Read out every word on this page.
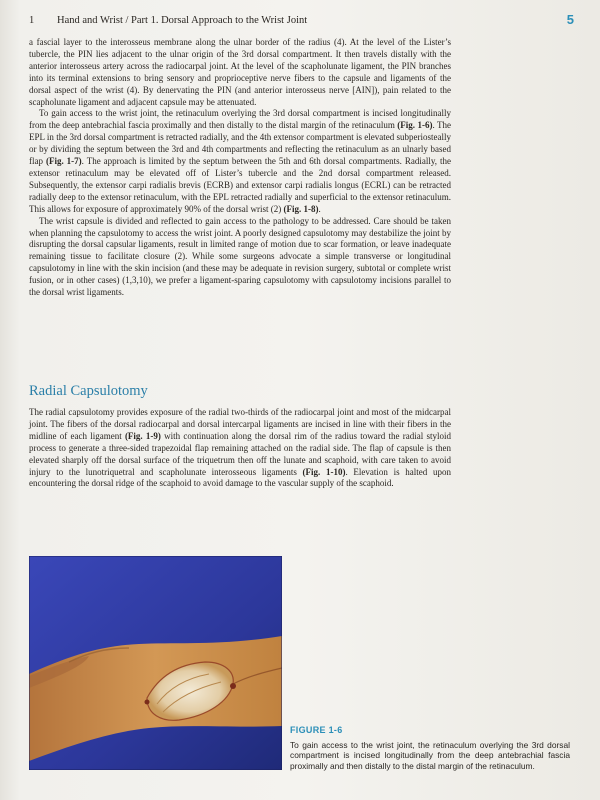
1 Hand and Wrist / Part 1. Dorsal Approach to the Wrist Joint	5

a fascial layer to the interosseus membrane along the ulnar border of the radius (4). At the level of the Lister’s tubercle, the PIN lies adjacent to the ulnar origin of the 3rd dorsal compartment. It then travels distally with the anterior interosseus artery across the radiocarpal joint. At the level of the scapholunate ligament, the PIN branches into its terminal extensions to bring sensory and proprioceptive nerve fibers to the capsule and ligaments of the dorsal aspect of the wrist (4). By denervating the PIN (and anterior interosseus nerve [AIN]), pain related to the scapholunate ligament and adjacent capsule may be attenuated.

To gain access to the wrist joint, the retinaculum overlying the 3rd dorsal compartment is incised longitudinally from the deep antebrachial fascia proximally and then distally to the distal margin of the retinaculum (Fig. 1-6). The EPL in the 3rd dorsal compartment is retracted radially, and the 4th extensor compartment is elevated subperiosteally or by dividing the septum between the 3rd and 4th compartments and reflecting the retinaculum as an ulnarly based flap (Fig. 1-7). The approach is limited by the septum between the 5th and 6th dorsal compartments. Radially, the extensor retinaculum may be elevated off of Lister’s tubercle and the 2nd dorsal compartment released. Subsequently, the extensor carpi radialis brevis (ECRB) and extensor carpi radialis longus (ECRL) can be retracted radially deep to the extensor retinaculum, with the EPL retracted radially and superficial to the extensor retinaculum. This allows for exposure of approximately 90% of the dorsal wrist (2) (Fig. 1-8).

The wrist capsule is divided and reflected to gain access to the pathology to be addressed. Care should be taken when planning the capsulotomy to access the wrist joint. A poorly designed capsulotomy may destabilize the joint by disrupting the dorsal capsular ligaments, result in limited range of motion due to scar formation, or leave inadequate remaining tissue to facilitate closure (2). While some surgeons advocate a simple transverse or longitudinal capsulotomy in line with the skin incision (and these may be adequate in revision surgery, subtotal or complete wrist fusion, or in other cases) (1,3,10), we prefer a ligament-sparing capsulotomy with capsulotomy incisions parallel to the dorsal wrist ligaments.

Radial Capsulotomy

The radial capsulotomy provides exposure of the radial two-thirds of the radiocarpal joint and most of the midcarpal joint. The fibers of the dorsal radiocarpal and dorsal intercarpal ligaments are incised in line with their fibers in the midline of each ligament (Fig. 1-9) with continuation along the dorsal rim of the radius toward the radial styloid process to generate a three-sided trapezoidal flap remaining attached on the radial side. The flap of capsule is then elevated sharply off the dorsal surface of the triquetrum then off the lunate and scaphoid, with care taken to avoid injury to the lunotriquetral and scapholunate interosseous ligaments (Fig. 1-10). Elevation is halted upon encountering the dorsal ridge of the scaphoid to avoid damage to the vascular supply of the scaphoid.

FIGURE 1-6
To gain access to the wrist joint, the retinaculum overlying the 3rd dorsal compartment is incised longitudinally from the deep antebrachial fascia proximally and then distally to the distal margin of the retinaculum.
